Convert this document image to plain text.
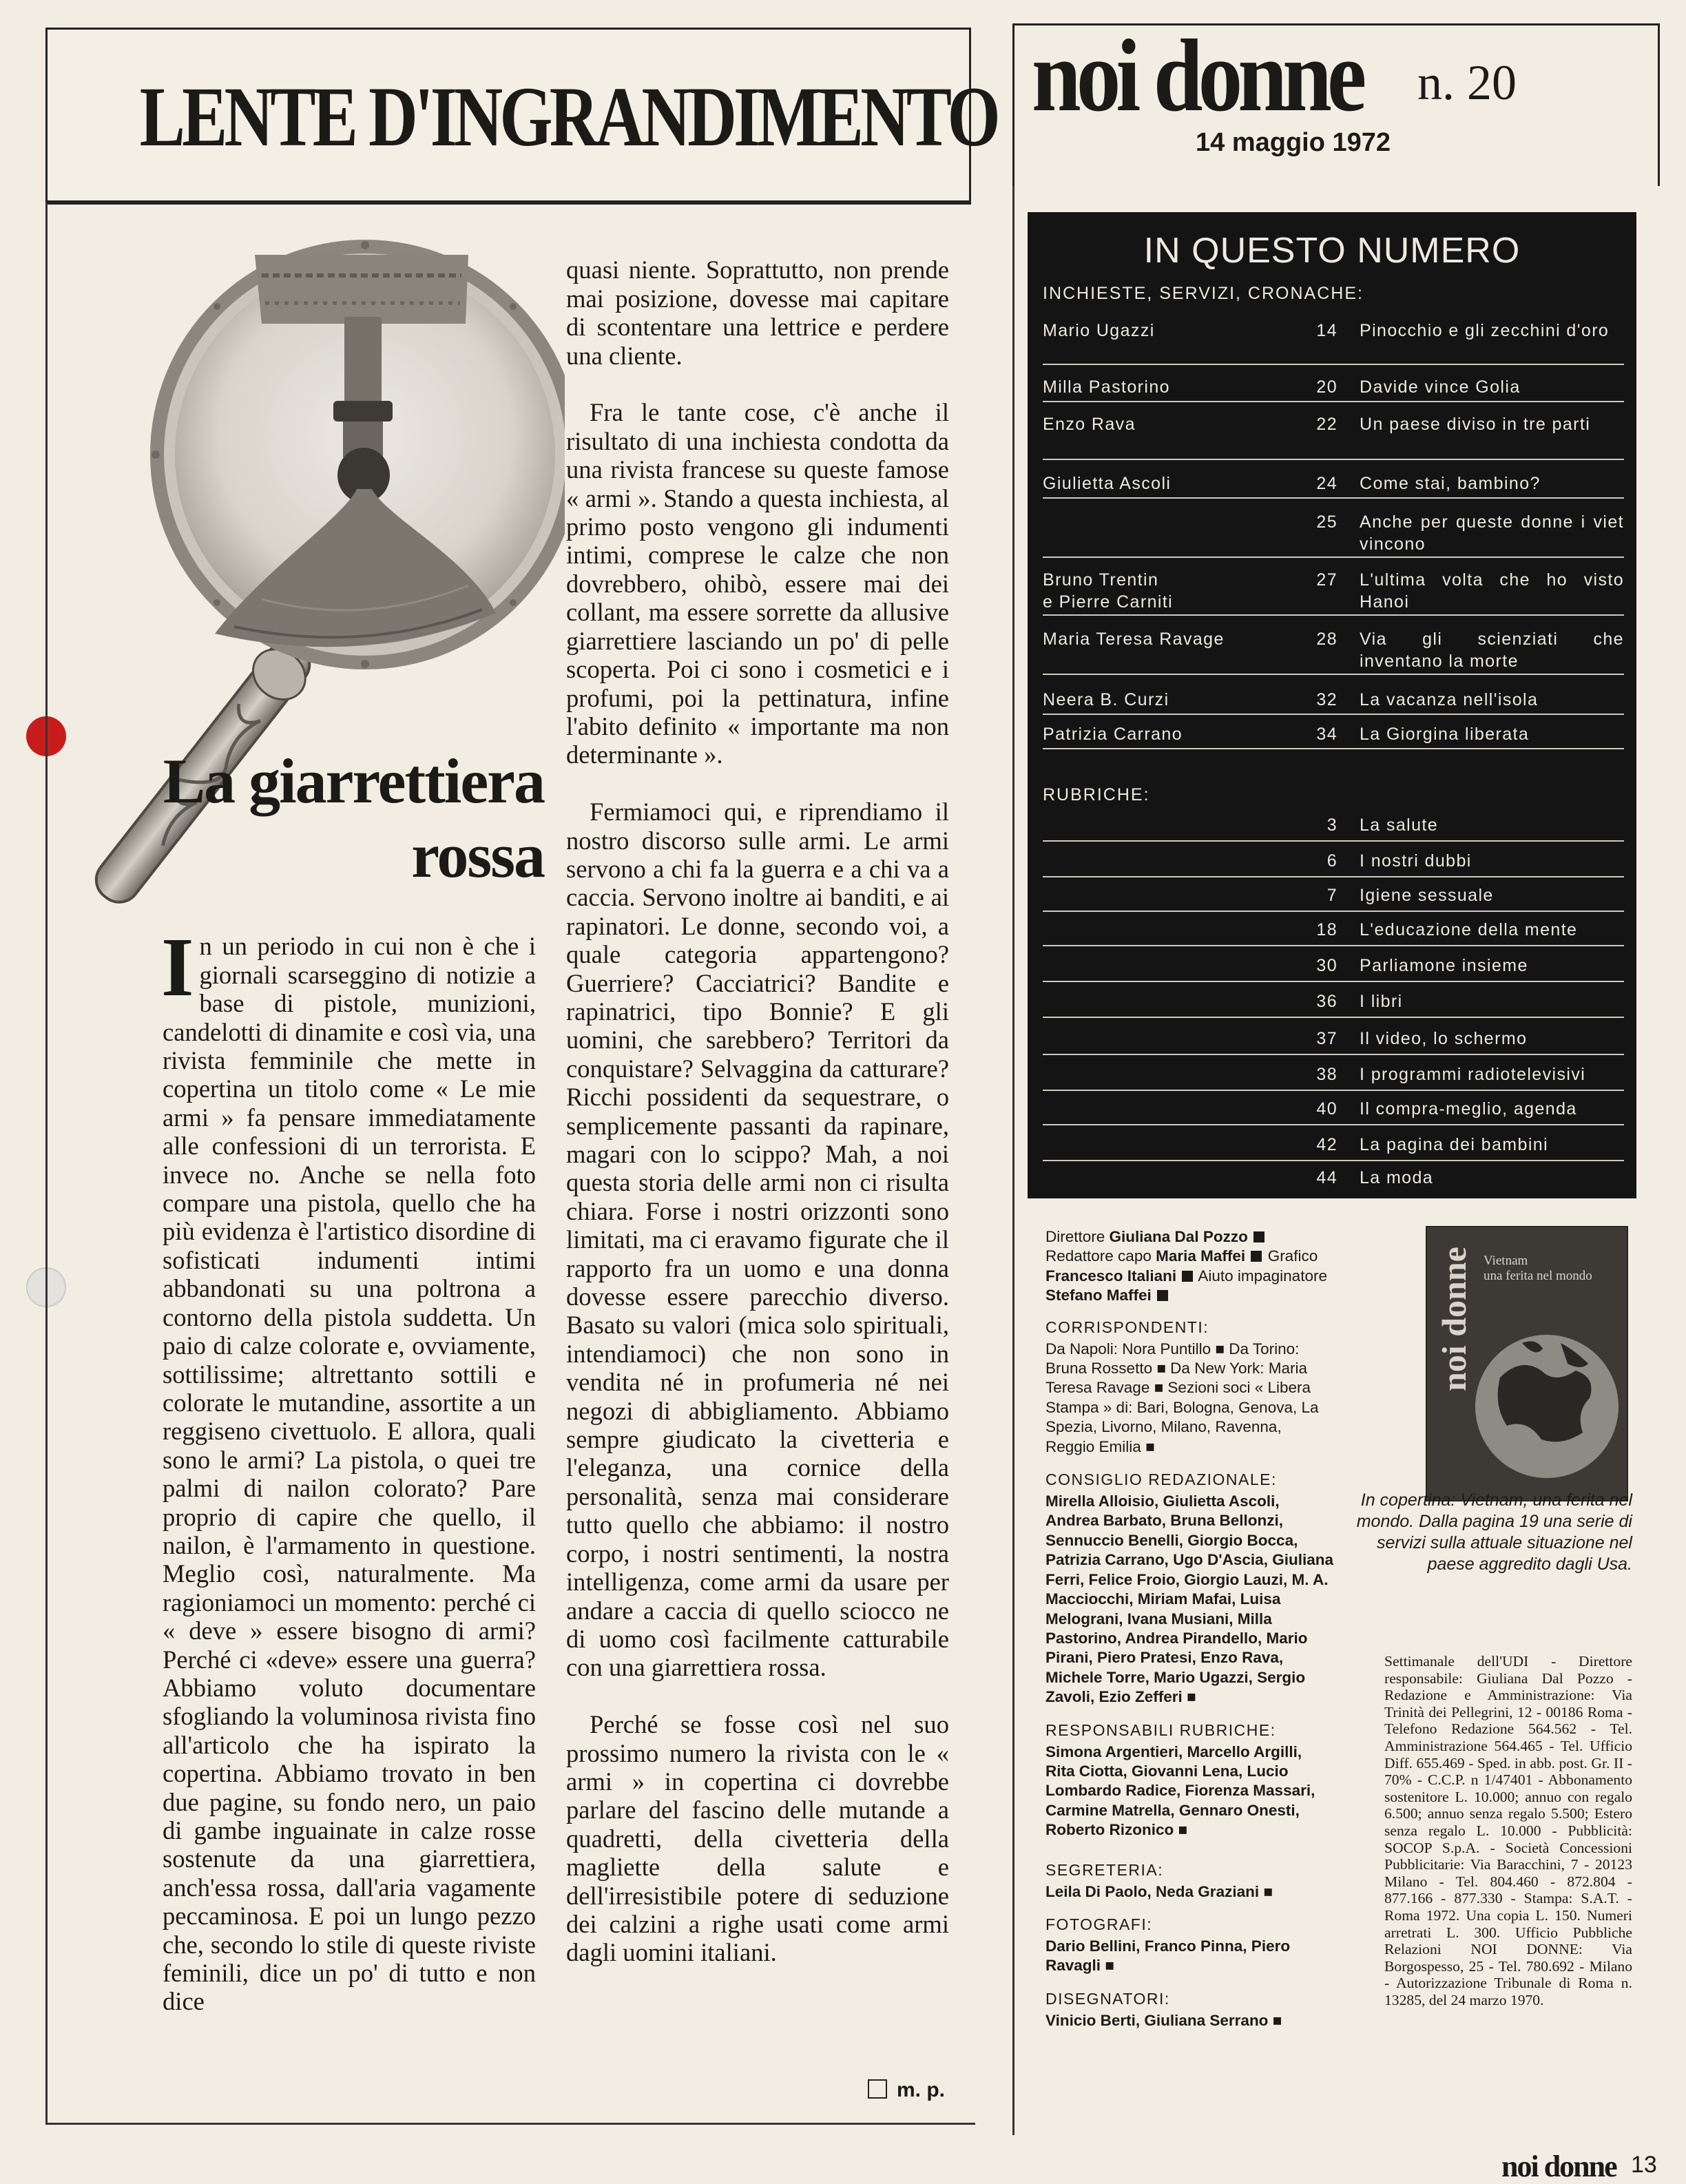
LENTE D'INGRANDIMENTO
La giarrettiera
rossa

In un periodo in cui non è che i giornali scarseggino di notizie a base di pistole, munizioni, candelotti di dinamite e così via, una rivista femminile che mette in copertina un titolo come « Le mie armi » fa pensare immediatamente alle confessioni di un terrorista. E invece no. Anche se nella foto compare una pistola, quello che ha più evidenza è l'artistico disordine di sofisticati indumenti intimi abbandonati su una poltrona a contorno della pistola suddetta. Un paio di calze colorate e, ovviamente, sottilissime; altrettanto sottili e colorate le mutandine, assortite a un reggiseno civettuolo. E allora, quali sono le armi? La pistola, o quei tre palmi di nailon colorato? Pare proprio di capire che quello, il nailon, è l'armamento in questione. Meglio così, naturalmente. Ma ragioniamoci un momento: perché ci « deve » essere bisogno di armi? Perché ci «deve» essere una guerra? Abbiamo voluto documentare sfogliando la voluminosa rivista fino all'articolo che ha ispirato la copertina. Abbiamo trovato in ben due pagine, su fondo nero, un paio di gambe inguainate in calze rosse sostenute da una giarrettiera, anch'essa rossa, dall'aria vagamente peccaminosa. E poi un lungo pezzo che, secondo lo stile di queste riviste feminili, dice un po' di tutto e non dice

quasi niente. Soprattutto, non prende mai posizione, dovesse mai capitare di scontentare una lettrice e perdere una cliente.

Fra le tante cose, c'è anche il risultato di una inchiesta condotta da una rivista francese su queste famose « armi ». Stando a questa inchiesta, al primo posto vengono gli indumenti intimi, comprese le calze che non dovrebbero, ohibò, essere mai dei collant, ma essere sorrette da allusive giarrettiere lasciando un po' di pelle scoperta. Poi ci sono i cosmetici e i profumi, poi la pettinatura, infine l'abito definito « importante ma non determinante ».

Fermiamoci qui, e riprendiamo il nostro discorso sulle armi. Le armi servono a chi fa la guerra e a chi va a caccia. Servono inoltre ai banditi, e ai rapinatori. Le donne, secondo voi, a quale categoria appartengono? Guerriere? Cacciatrici? Bandite e rapinatrici, tipo Bonnie? E gli uomini, che sarebbero? Territori da conquistare? Selvaggina da catturare? Ricchi possidenti da sequestrare, o semplicemente passanti da rapinare, magari con lo scippo? Mah, a noi questa storia delle armi non ci risulta chiara. Forse i nostri orizzonti sono limitati, ma ci eravamo figurate che il rapporto fra un uomo e una donna dovesse essere parecchio diverso. Basato su valori (mica solo spirituali, intendiamoci) che non sono in vendita né in profumeria né nei negozi di abbigliamento. Abbiamo sempre giudicato la civetteria e l'eleganza, una cornice della personalità, senza mai considerare tutto quello che abbiamo: il nostro corpo, i nostri sentimenti, la nostra intelligenza, come armi da usare per andare a caccia di quello sciocco ne di uomo così facilmente catturabile con una giarrettiera rossa.

Perché se fosse così nel suo prossimo numero la rivista con le « armi » in copertina ci dovrebbe parlare del fascino delle mutande a quadretti, della civetteria della magliette della salute e dell'irresistibile potere di seduzione dei calzini a righe usati come armi dagli uomini italiani.

m. p.
noi donne n. 20
14 maggio 1972
IN QUESTO NUMERO
INCHIESTE, SERVIZI, CRONACHE:
Mario Ugazzi	14 Pinocchio e gli zecchini d'oro
Milla Pastorino	20 Davide vince Golia
Enzo Rava	22 Un paese diviso in tre parti
Giulietta Ascoli	24 Come stai, bambino?
25 Anche per queste donne i viet vincono
Bruno Trentin
e Pierre Carniti
27 L'ultima volta che ho visto Hanoi
Maria Teresa Ravage	28 Via gli scienziati che inventano la morte
Neera B. Curzi	32 La vacanza nell'isola
Patrizia Carrano	34 La Giorgina liberata
RUBRICHE:
3 La salute
6 I nostri dubbi
7 Igiene sessuale
18 L'educazione della mente
30 Parliamone insieme
36 I libri
37 Il video, lo schermo
38 I programmi radiotelevisivi
40 Il compra-meglio, agenda
42 La pagina dei bambini
44 La moda

Direttore Giuliana Dal Pozzo  Redattore capo Maria Maffei Grafico Francesco Italiani  Aiuto impaginatore Stefano Maffei

CORRISPONDENTI:

Da Napoli: Nora Puntillo ■ Da Torino: Bruna Rossetto ■ Da New York: Maria Teresa Ravage ■ Sezioni soci « Libera Stampa » di: Bari, Bologna, Genova, La Spezia, Livorno, Milano, Ravenna, Reggio Emilia ■

CONSIGLIO REDAZIONALE:

Mirella Alloisio, Giulietta Ascoli, Andrea Barbato, Bruna Bellonzi, Sennuccio Benelli, Giorgio Bocca, Patrizia Carrano, Ugo D'Ascia, Giuliana Ferri, Felice Froio, Giorgio Lauzi, M. A. Macciocchi, Miriam Mafai, Luisa Melograni, Ivana Musiani, Milla Pastorino, Andrea Pirandello, Mario Pirani, Piero Pratesi, Enzo Rava, Michele Torre, Mario Ugazzi, Sergio Zavoli, Ezio Zefferi ■

RESPONSABILI RUBRICHE:

Simona Argentieri, Marcello Argilli, Rita Ciotta, Giovanni Lena, Lucio Lombardo Radice, Fiorenza Massari, Carmine Matrella, Gennaro Onesti, Roberto Rizonico ■

SEGRETERIA:

Leila Di Paolo, Neda Graziani ■

FOTOGRAFI:

Dario Bellini, Franco Pinna, Piero Ravagli ■

DISEGNATORI:

Vinicio Berti, Giuliana Serrano ■

noi donne Vietnam
una ferita nel mondo
In copertina: Vietnam, una ferita nel mondo. Dalla pagina 19 una serie di servizi sulla attuale situazione nel paese aggredito dagli Usa.
Settimanale dell'UDI - Direttore responsabile: Giuliana Dal Pozzo - Redazione e Amministrazione: Via Trinità dei Pellegrini, 12 - 00186 Roma - Telefono Redazione 564.562 - Tel. Amministrazione 564.465 - Tel. Ufficio Diff. 655.469 - Sped. in abb. post. Gr. II - 70% - C.C.P. n 1/47401 - Abbonamento sostenitore L. 10.000; annuo con regalo 6.500; annuo senza regalo 5.500; Estero senza regalo L. 10.000 - Pubblicità: SOCOP S.p.A. - Società Concessioni Pubblicitarie: Via Baracchini, 7 - 20123 Milano - Tel. 804.460 - 872.804 - 877.166 - 877.330 - Stampa: S.A.T. - Roma 1972. Una copia L. 150. Numeri arretrati L. 300. Ufficio Pubbliche Relazioni NOI DONNE: Via Borgospesso, 25 - Tel. 780.692 - Milano - Autorizzazione Tribunale di Roma n. 13285, del 24 marzo 1970.
noi donne 13
